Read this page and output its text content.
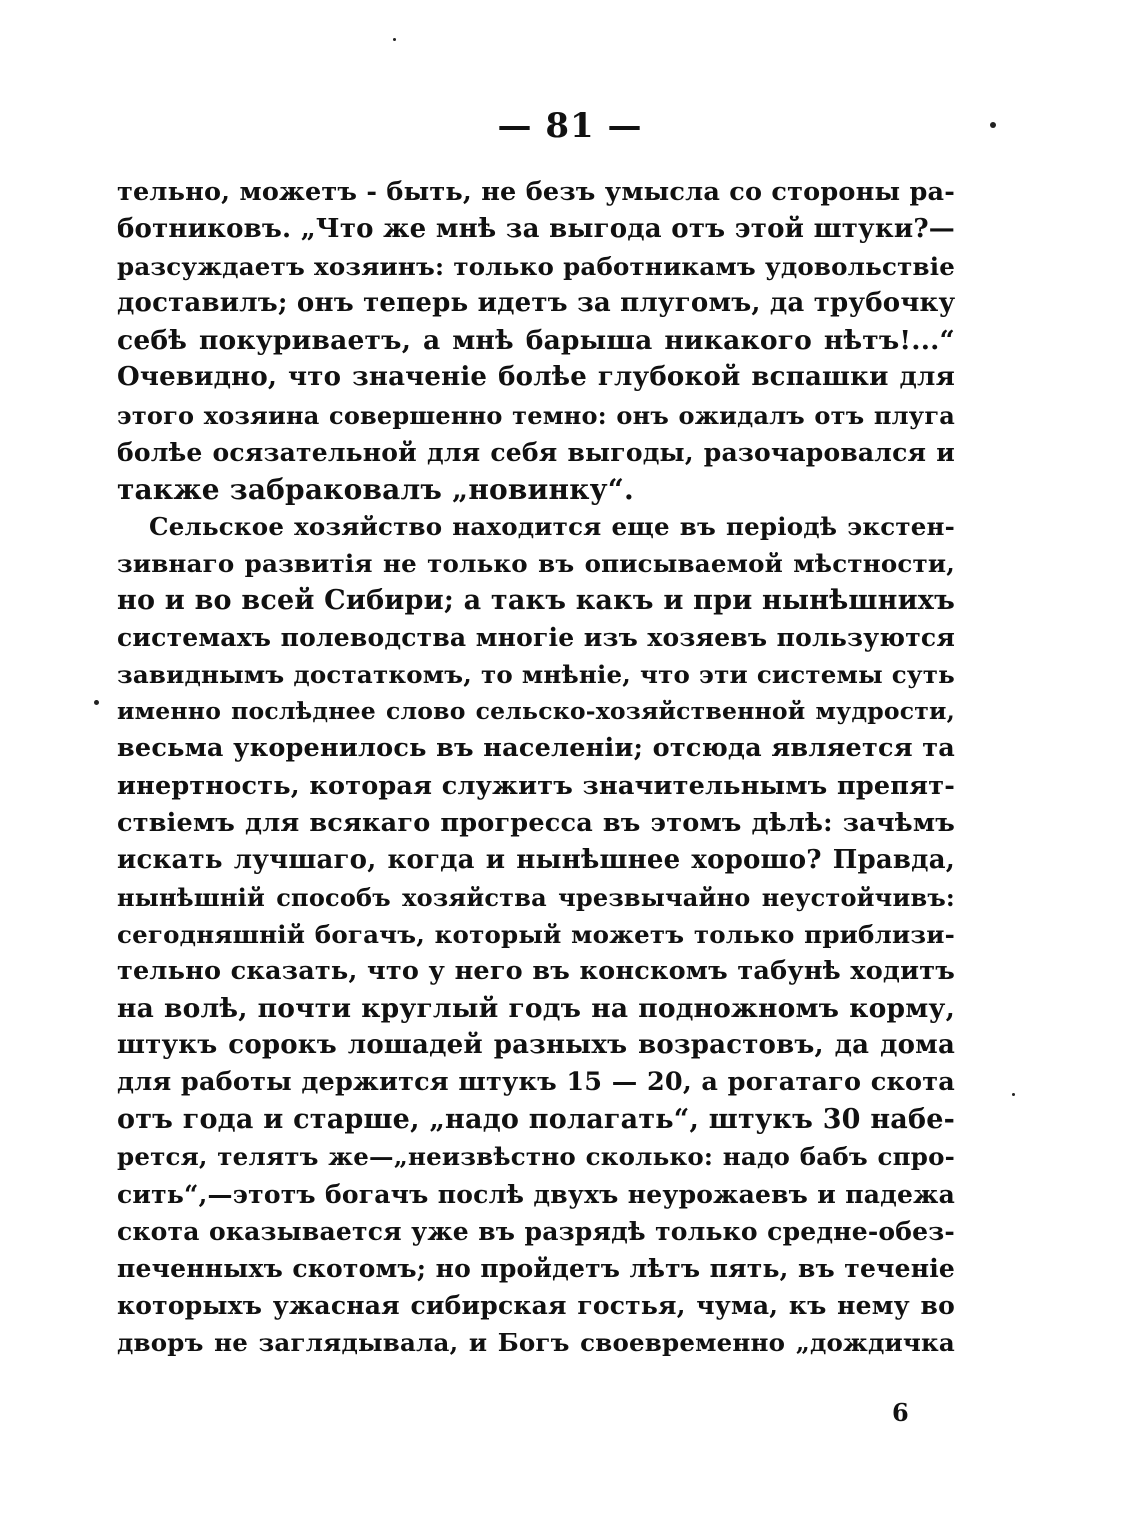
— 81 —
тельно, можетъ - быть, не безъ умысла со стороны ра-
ботниковъ. „Что же мнѣ за выгода отъ этой штуки?—
разсуждаетъ хозяинъ: только работникамъ удовольствіе
доставилъ; онъ теперь идетъ за плугомъ, да трубочку
себѣ покуриваетъ, а мнѣ барыша никакого нѣтъ!...“
Очевидно, что значеніе болѣе глубокой вспашки для
этого хозяина совершенно темно: онъ ожидалъ отъ плуга
болѣе осязательной для себя выгоды, разочаровался и
также забраковалъ „новинку“.
Сельское хозяйство находится еще въ періодѣ экстен-
зивнаго развитія не только въ описываемой мѣстности,
но и во всей Сибири; а такъ какъ и при нынѣшнихъ
системахъ полеводства многіе изъ хозяевъ пользуются
завиднымъ достаткомъ, то мнѣніе, что эти системы суть
именно послѣднее слово сельско-хозяйственной мудрости,
весьма укоренилось въ населеніи; отсюда является та
инертность, которая служитъ значительнымъ препят-
ствіемъ для всякаго прогресса въ этомъ дѣлѣ: зачѣмъ
искать лучшаго, когда и нынѣшнее хорошо? Правда,
нынѣшній способъ хозяйства чрезвычайно неустойчивъ:
сегодняшній богачъ, который можетъ только приблизи-
тельно сказать, что у него въ конскомъ табунѣ ходитъ
на волѣ, почти круглый годъ на подножномъ корму,
штукъ сорокъ лошадей разныхъ возрастовъ, да дома
для работы держится штукъ 15 — 20, а рогатаго скота
отъ года и старше, „надо полагать“, штукъ 30 набе-
рется, телятъ же—„неизвѣстно сколько: надо бабъ спро-
сить“,—этотъ богачъ послѣ двухъ неурожаевъ и падежа
скота оказывается уже въ разрядѣ только средне-обез-
печенныхъ скотомъ; но пройдетъ лѣтъ пять, въ теченіе
которыхъ ужасная сибирская гостья, чума, къ нему во
дворъ не заглядывала, и Богъ своевременно „дождичка
6
